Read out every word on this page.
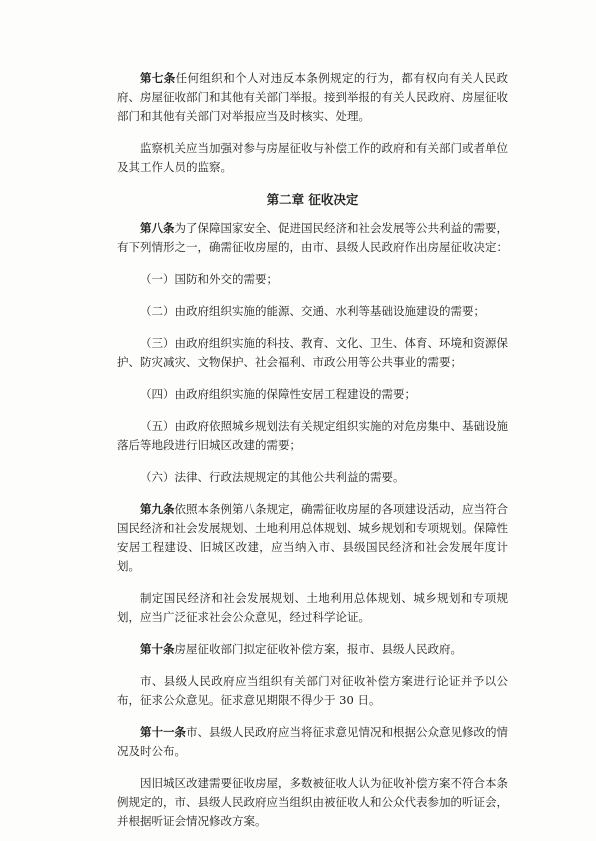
第七条任何组织和个人对违反本条例规定的行为，都有权向有关人民政府、房屋征收部门和其他有关部门举报。接到举报的有关人民政府、房屋征收部门和其他有关部门对举报应当及时核实、处理。

监察机关应当加强对参与房屋征收与补偿工作的政府和有关部门或者单位及其工作人员的监察。

第二章 征收决定

第八条为了保障国家安全、促进国民经济和社会发展等公共利益的需要，有下列情形之一，确需征收房屋的，由市、县级人民政府作出房屋征收决定：

（一）国防和外交的需要；

（二）由政府组织实施的能源、交通、水利等基础设施建设的需要；

（三）由政府组织实施的科技、教育、文化、卫生、体育、环境和资源保护、防灾减灾、文物保护、社会福利、市政公用等公共事业的需要；

（四）由政府组织实施的保障性安居工程建设的需要；

（五）由政府依照城乡规划法有关规定组织实施的对危房集中、基础设施落后等地段进行旧城区改建的需要；

（六）法律、行政法规规定的其他公共利益的需要。

第九条依照本条例第八条规定，确需征收房屋的各项建设活动，应当符合国民经济和社会发展规划、土地利用总体规划、城乡规划和专项规划。保障性安居工程建设、旧城区改建，应当纳入市、县级国民经济和社会发展年度计划。

制定国民经济和社会发展规划、土地利用总体规划、城乡规划和专项规划，应当广泛征求社会公众意见，经过科学论证。

第十条房屋征收部门拟定征收补偿方案，报市、县级人民政府。

市、县级人民政府应当组织有关部门对征收补偿方案进行论证并予以公布，征求公众意见。征求意见期限不得少于 30 日。

第十一条市、县级人民政府应当将征求意见情况和根据公众意见修改的情况及时公布。

因旧城区改建需要征收房屋，多数被征收人认为征收补偿方案不符合本条例规定的，市、县级人民政府应当组织由被征收人和公众代表参加的听证会，并根据听证会情况修改方案。
